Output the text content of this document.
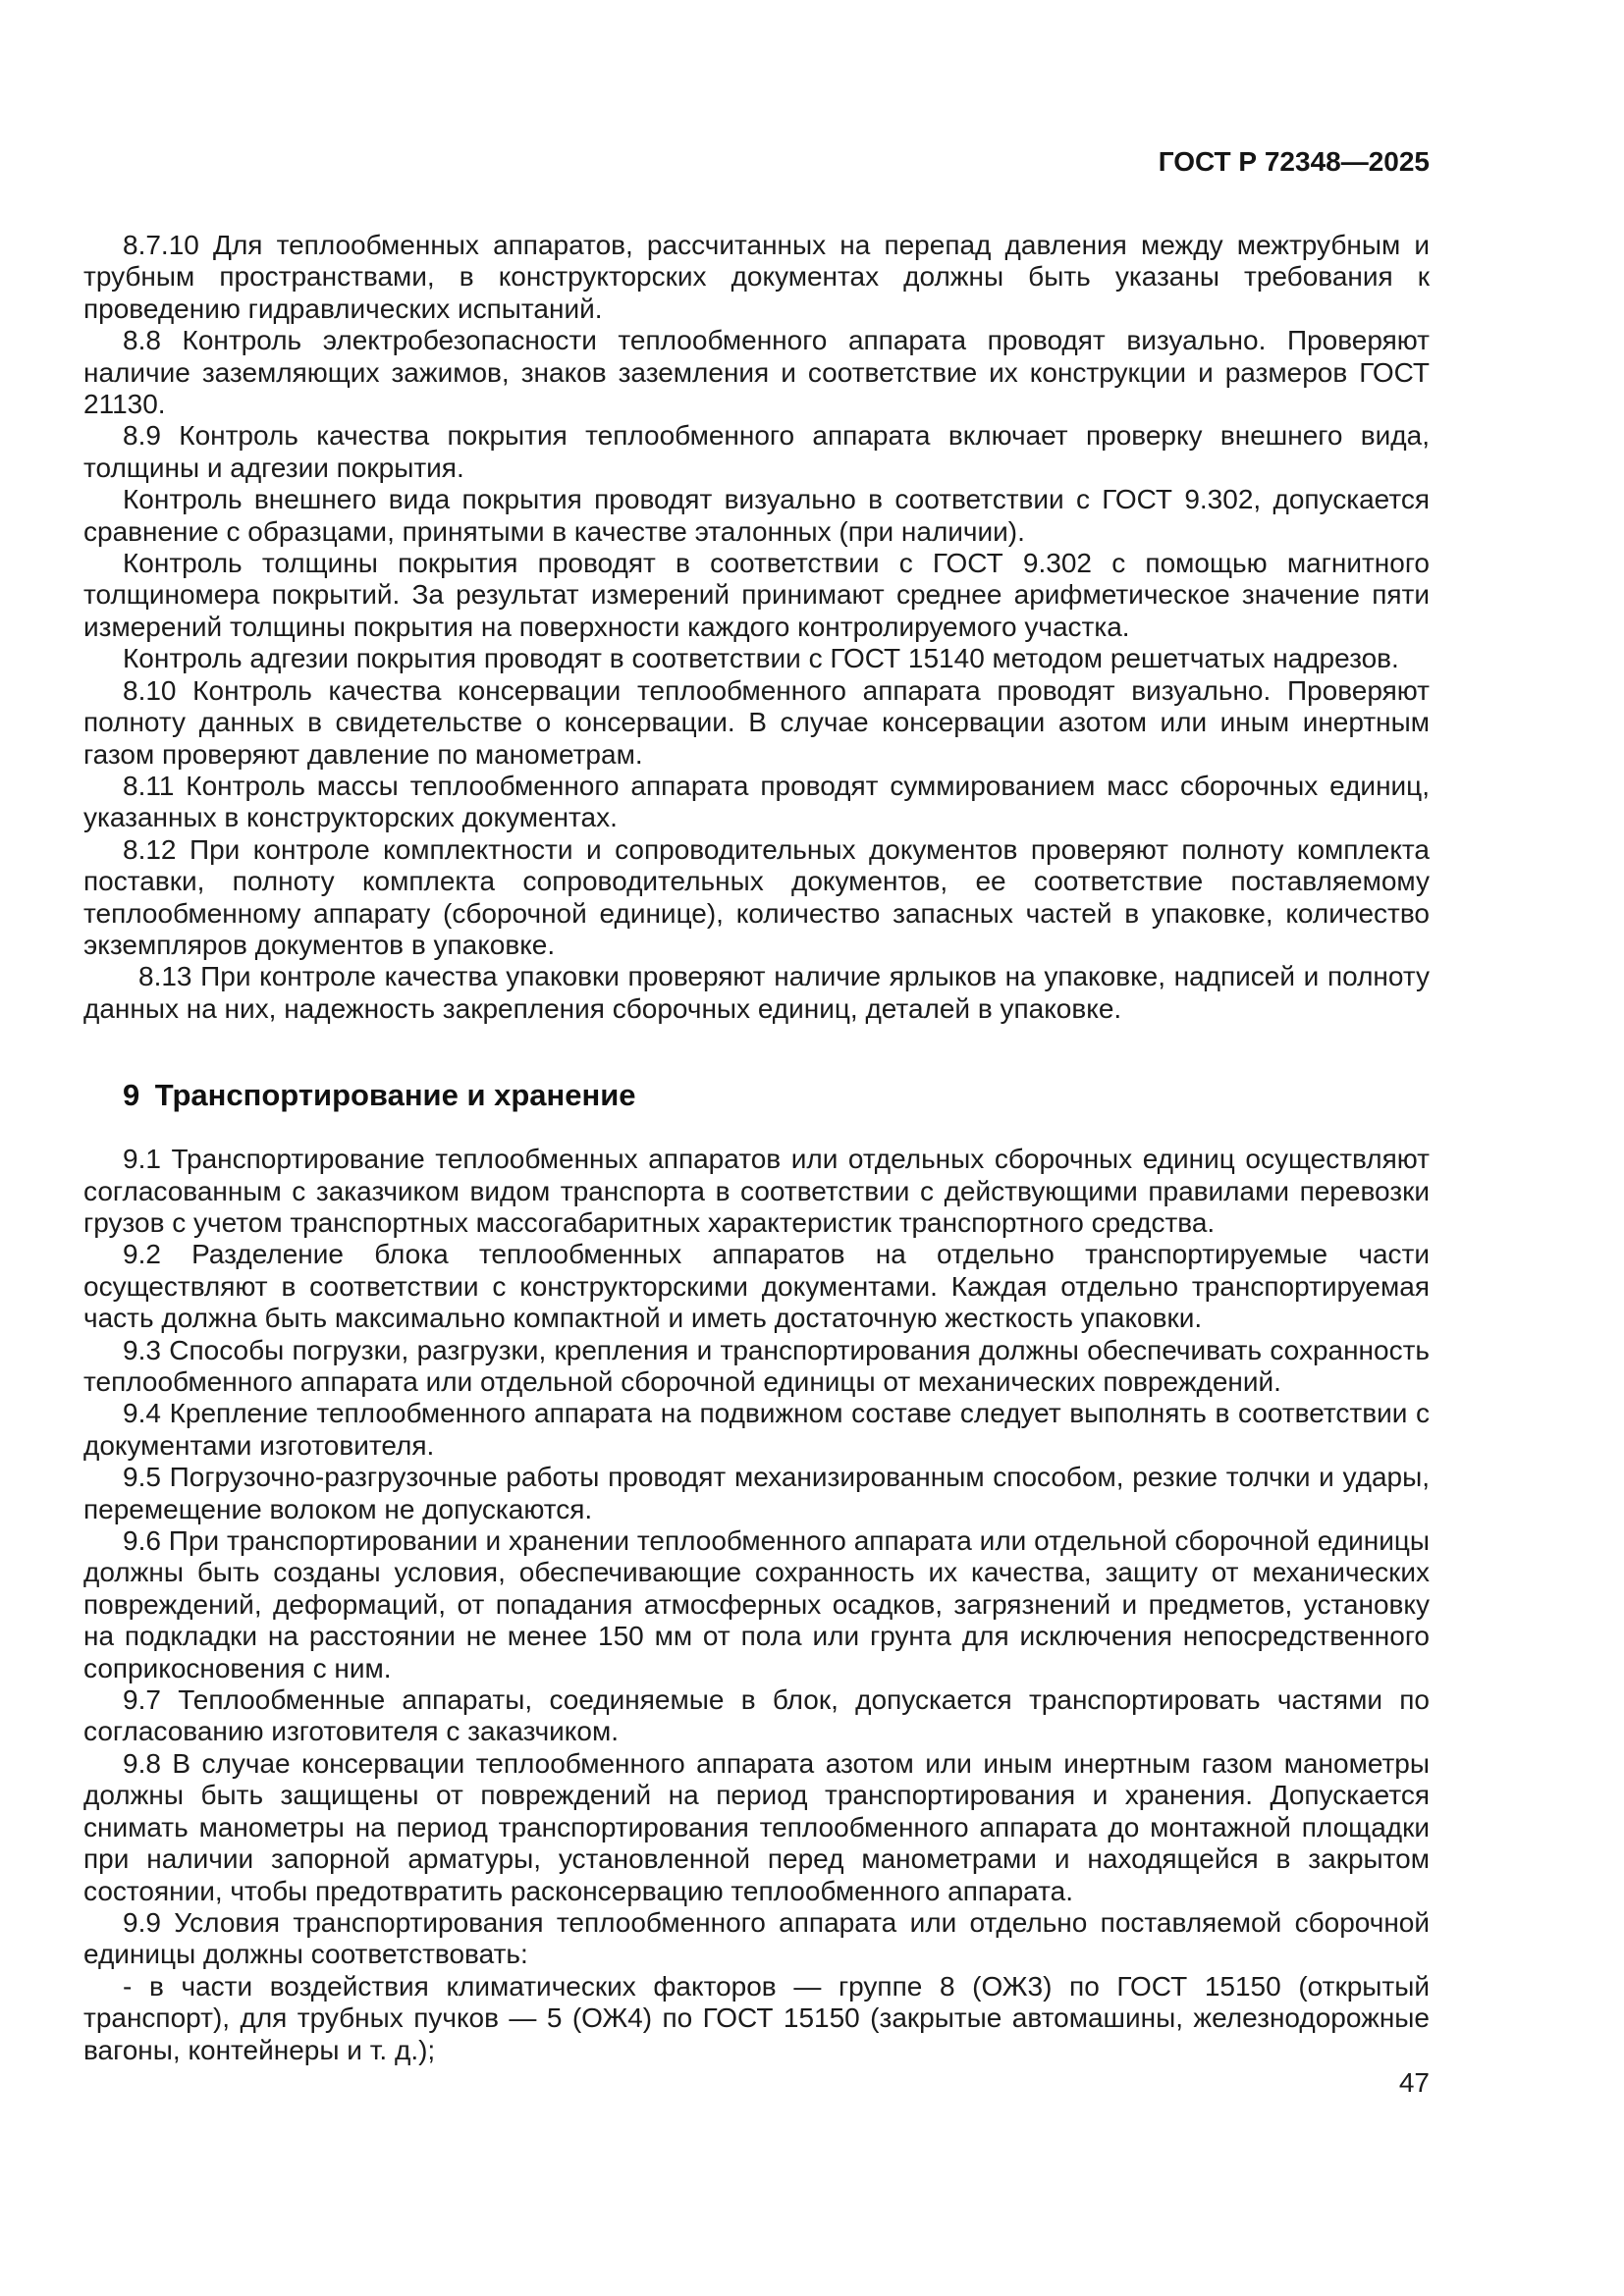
ГОСТ Р 72348—2025

8.7.10 Для теплообменных аппаратов, рассчитанных на перепад давления между межтрубным и трубным пространствами, в конструкторских документах должны быть указаны требования к проведению гидравлических испытаний.

8.8 Контроль электробезопасности теплообменного аппарата проводят визуально. Проверяют наличие заземляющих зажимов, знаков заземления и соответствие их конструкции и размеров ГОСТ 21130.

8.9 Контроль качества покрытия теплообменного аппарата включает проверку внешнего вида, толщины и адгезии покрытия.

Контроль внешнего вида покрытия проводят визуально в соответствии с ГОСТ 9.302, допускается сравнение с образцами, принятыми в качестве эталонных (при наличии).

Контроль толщины покрытия проводят в соответствии с ГОСТ 9.302 с помощью магнитного толщиномера покрытий. За результат измерений принимают среднее арифметическое значение пяти измерений толщины покрытия на поверхности каждого контролируемого участка.

Контроль адгезии покрытия проводят в соответствии с ГОСТ 15140 методом решетчатых надрезов.

8.10 Контроль качества консервации теплообменного аппарата проводят визуально. Проверяют полноту данных в свидетельстве о консервации. В случае консервации азотом или иным инертным газом проверяют давление по манометрам.

8.11 Контроль массы теплообменного аппарата проводят суммированием масс сборочных единиц, указанных в конструкторских документах.

8.12 При контроле комплектности и сопроводительных документов проверяют полноту комплекта поставки, полноту комплекта сопроводительных документов, ее соответствие поставляемому теплообменному аппарату (сборочной единице), количество запасных частей в упаковке, количество экземпляров документов в упаковке.

8.13 При контроле качества упаковки проверяют наличие ярлыков на упаковке, надписей и полноту данных на них, надежность закрепления сборочных единиц, деталей в упаковке.

9 Транспортирование и хранение

9.1 Транспортирование теплообменных аппаратов или отдельных сборочных единиц осуществляют согласованным с заказчиком видом транспорта в соответствии с действующими правилами перевозки грузов с учетом транспортных массогабаритных характеристик транспортного средства.

9.2 Разделение блока теплообменных аппаратов на отдельно транспортируемые части осуществляют в соответствии с конструкторскими документами. Каждая отдельно транспортируемая часть должна быть максимально компактной и иметь достаточную жесткость упаковки.

9.3 Способы погрузки, разгрузки, крепления и транспортирования должны обеспечивать сохранность теплообменного аппарата или отдельной сборочной единицы от механических повреждений.

9.4 Крепление теплообменного аппарата на подвижном составе следует выполнять в соответствии с документами изготовителя.

9.5 Погрузочно-разгрузочные работы проводят механизированным способом, резкие толчки и удары, перемещение волоком не допускаются.

9.6 При транспортировании и хранении теплообменного аппарата или отдельной сборочной единицы должны быть созданы условия, обеспечивающие сохранность их качества, защиту от механических повреждений, деформаций, от попадания атмосферных осадков, загрязнений и предметов, установку на подкладки на расстоянии не менее 150 мм от пола или грунта для исключения непосредственного соприкосновения с ним.

9.7 Теплообменные аппараты, соединяемые в блок, допускается транспортировать частями по согласованию изготовителя с заказчиком.

9.8 В случае консервации теплообменного аппарата азотом или иным инертным газом манометры должны быть защищены от повреждений на период транспортирования и хранения. Допускается снимать манометры на период транспортирования теплообменного аппарата до монтажной площадки при наличии запорной арматуры, установленной перед манометрами и находящейся в закрытом состоянии, чтобы предотвратить расконсервацию теплообменного аппарата.

9.9 Условия транспортирования теплообменного аппарата или отдельно поставляемой сборочной единицы должны соответствовать:

- в части воздействия климатических факторов — группе 8 (ОЖ3) по ГОСТ 15150 (открытый транспорт), для трубных пучков — 5 (ОЖ4) по ГОСТ 15150 (закрытые автомашины, железнодорожные вагоны, контейнеры и т. д.);

47
